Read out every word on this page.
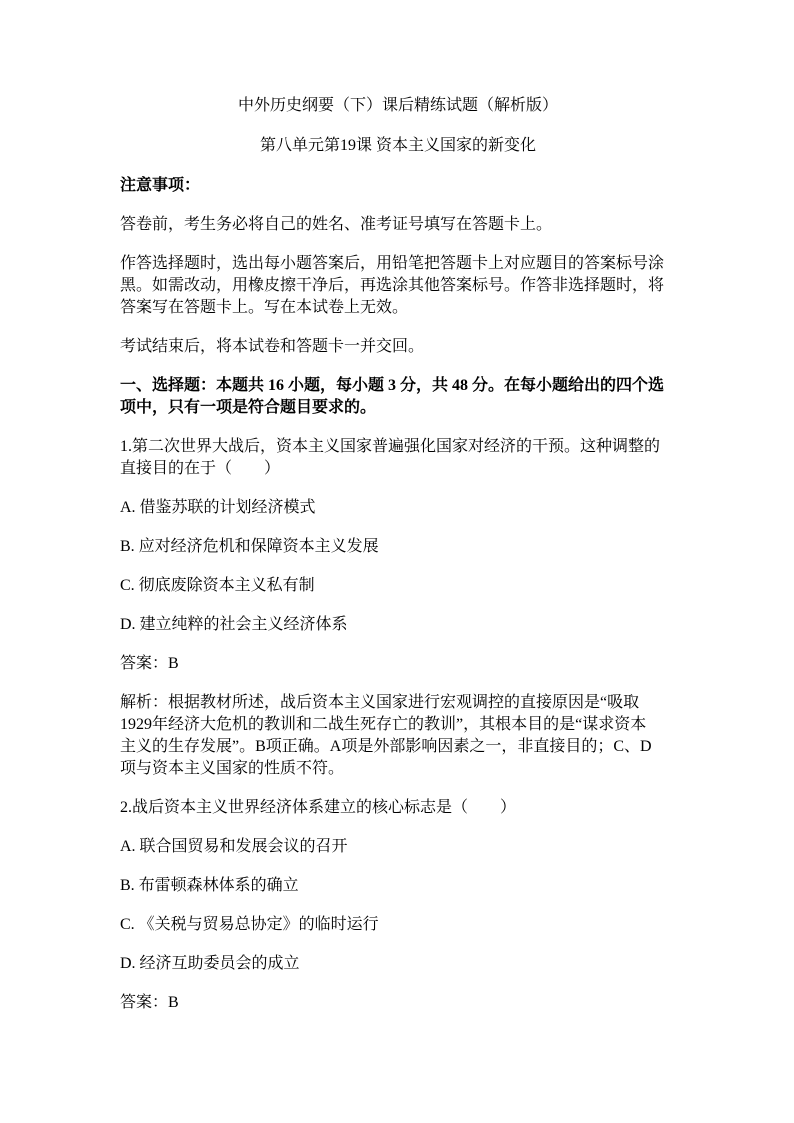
中外历史纲要（下）课后精练试题（解析版）
第八单元第19课 资本主义国家的新变化
注意事项：
答卷前，考生务必将自己的姓名、准考证号填写在答题卡上。
作答选择题时，选出每小题答案后，用铅笔把答题卡上对应题目的答案标号涂
黑。如需改动，用橡皮擦干净后，再选涂其他答案标号。作答非选择题时，将
答案写在答题卡上。写在本试卷上无效。
考试结束后，将本试卷和答题卡一并交回。
一、选择题：本题共 16 小题，每小题 3 分，共 48 分。在每小题给出的四个选
项中，只有一项是符合题目要求的。
1.第二次世界大战后，资本主义国家普遍强化国家对经济的干预。这种调整的
直接目的在于（　　）
A. 借鉴苏联的计划经济模式
B. 应对经济危机和保障资本主义发展
C. 彻底废除资本主义私有制
D. 建立纯粹的社会主义经济体系
答案：B
解析：根据教材所述，战后资本主义国家进行宏观调控的直接原因是“吸取
1929年经济大危机的教训和二战生死存亡的教训”，其根本目的是“谋求资本
主义的生存发展”。B项正确。A项是外部影响因素之一，非直接目的；C、D
项与资本主义国家的性质不符。
2.战后资本主义世界经济体系建立的核心标志是（　　）
A. 联合国贸易和发展会议的召开
B. 布雷顿森林体系的确立
C. 《关税与贸易总协定》的临时运行
D. 经济互助委员会的成立
答案：B
